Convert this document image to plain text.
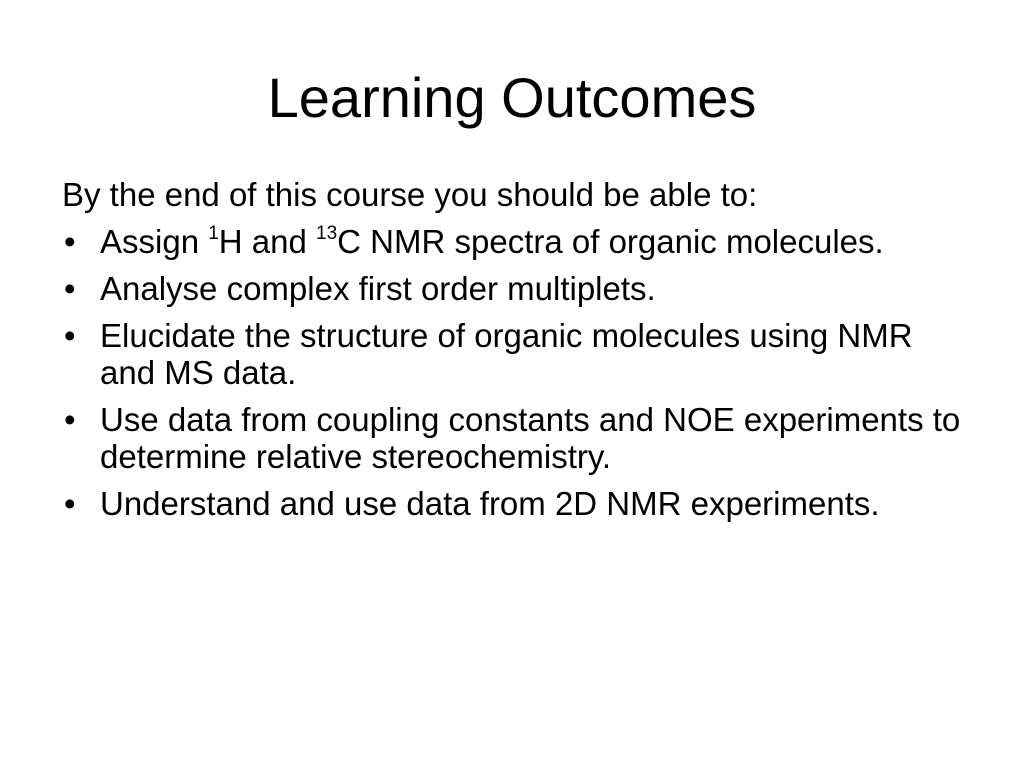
Learning Outcomes

By the end of this course you should be able to:

• Assign $^1$H and $^{13}$C NMR spectra of organic molecules.
• Analyse complex first order multiplets.
• Elucidate the structure of organic molecules using NMR and MS data.
• Use data from coupling constants and NOE experiments to determine relative stereochemistry.
• Understand and use data from 2D NMR experiments.
